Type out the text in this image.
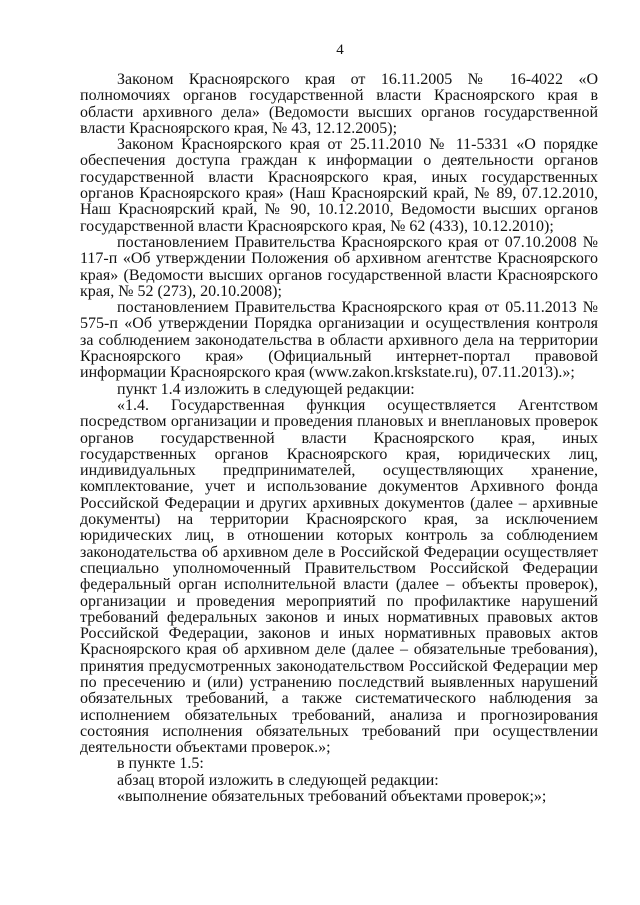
4

Законом Красноярского края от 16.11.2005 № 16-4022 «О полномочиях органов государственной власти Красноярского края в области архивного дела» (Ведомости высших органов государственной власти Красноярского края, № 43, 12.12.2005);

Законом Красноярского края от 25.11.2010 № 11-5331 «О порядке обеспечения доступа граждан к информации о деятельности органов государственной власти Красноярского края, иных государственных органов Красноярского края» (Наш Красноярский край, № 89, 07.12.2010, Наш Красноярский край, № 90, 10.12.2010, Ведомости высших органов государственной власти Красноярского края, № 62 (433), 10.12.2010);

постановлением Правительства Красноярского края от 07.10.2008 № 117-п «Об утверждении Положения об архивном агентстве Красноярского края» (Ведомости высших органов государственной власти Красноярского края, № 52 (273), 20.10.2008);

постановлением Правительства Красноярского края от 05.11.2013 № 575-п «Об утверждении Порядка организации и осуществления контроля за соблюдением законодательства в области архивного дела на территории Красноярского края» (Официальный интернет-портал правовой информации Красноярского края (www.zakon.krskstate.ru), 07.11.2013).»;

пункт 1.4 изложить в следующей редакции:

«1.4. Государственная функция осуществляется Агентством посредством организации и проведения плановых и внеплановых проверок органов государственной власти Красноярского края, иных государственных органов Красноярского края, юридических лиц, индивидуальных предпринимателей, осуществляющих хранение, комплектование, учет и использование документов Архивного фонда Российской Федерации и других архивных документов (далее – архивные документы) на территории Красноярского края, за исключением юридических лиц, в отношении которых контроль за соблюдением законодательства об архивном деле в Российской Федерации осуществляет специально уполномоченный Правительством Российской Федерации федеральный орган исполнительной власти (далее – объекты проверок), организации и проведения мероприятий по профилактике нарушений требований федеральных законов и иных нормативных правовых актов Российской Федерации, законов и иных нормативных правовых актов Красноярского края об архивном деле (далее – обязательные требования), принятия предусмотренных законодательством Российской Федерации мер по пресечению и (или) устранению последствий выявленных нарушений обязательных требований, а также систематического наблюдения за исполнением обязательных требований, анализа и прогнозирования состояния исполнения обязательных требований при осуществлении деятельности объектами проверок.»;

в пункте 1.5:

абзац второй изложить в следующей редакции:

«выполнение обязательных требований объектами проверок;»;
